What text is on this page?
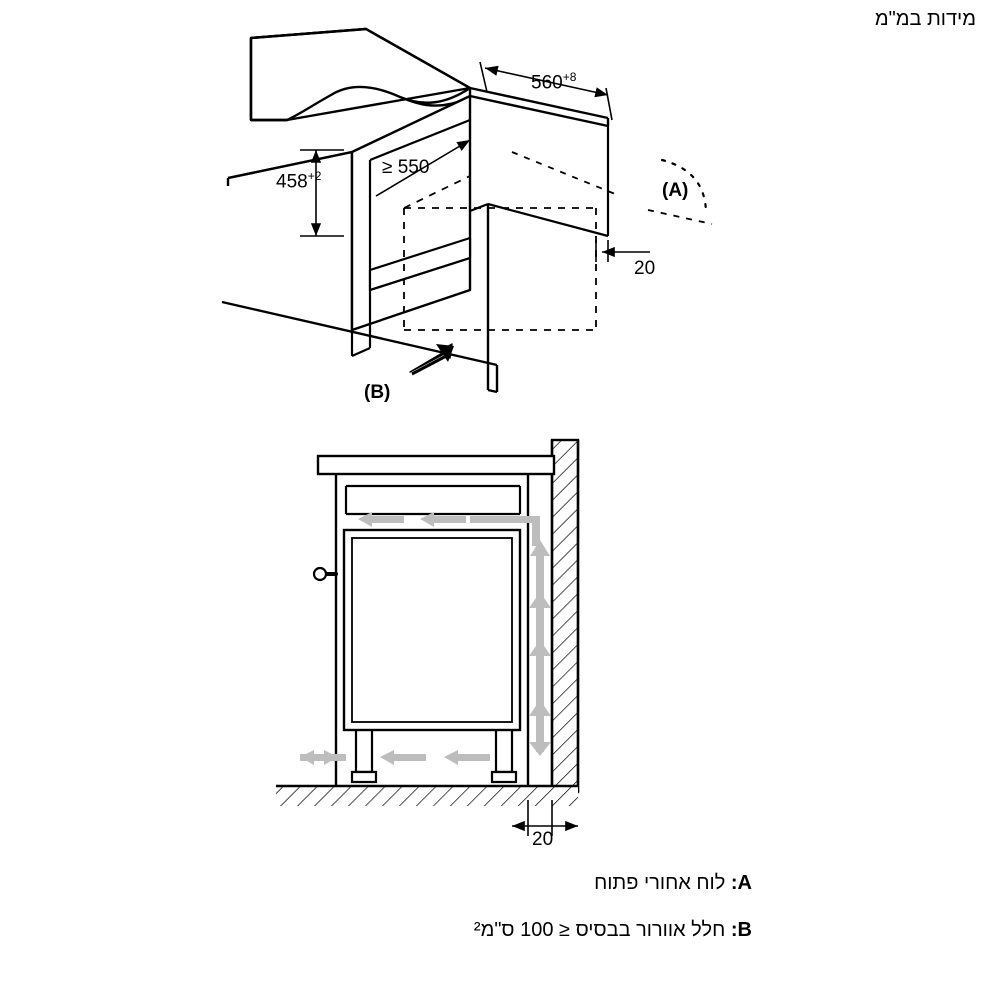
מידות במ"מ
$560^{+8}$
$458^{+2}$	≥ 550
20
20
(A)
(B)
A: לוח אחורי פתוח
B: חלל אוורור בבסיס ≤ 100 ס"מ²
